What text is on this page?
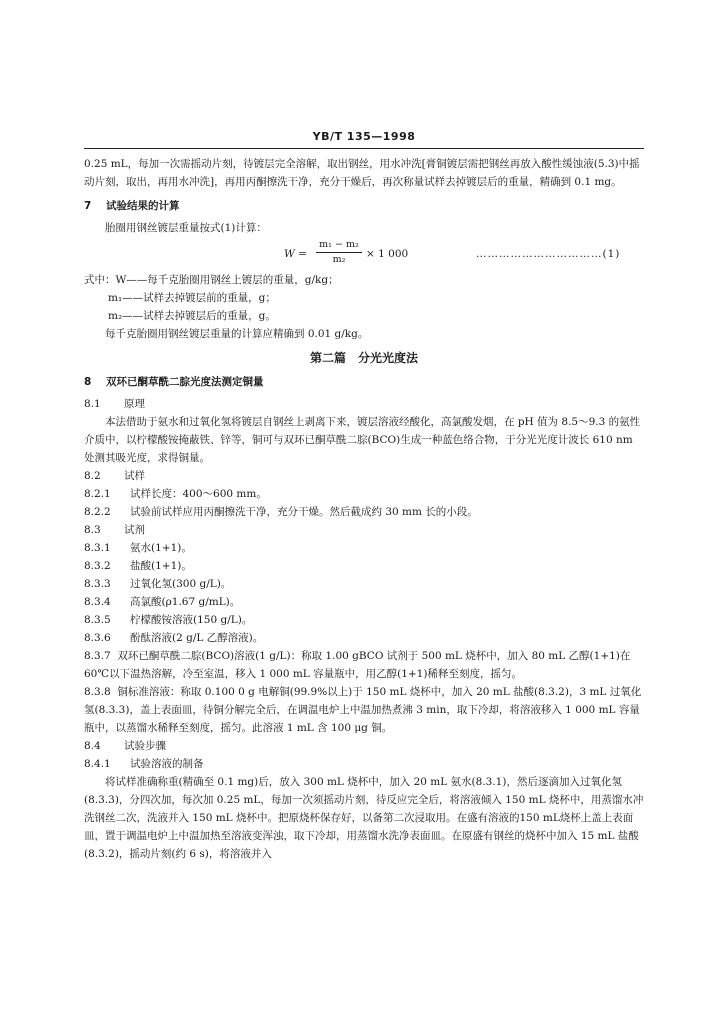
YB/T 135—1998

0.25 mL，每加一次需摇动片刻，待镀层完全溶解，取出钢丝，用水冲洗[膏铜镀层需把钢丝再放入酸性缓蚀液(5.3)中摇动片刻，取出，再用水冲洗]，再用丙酮擦洗干净，充分干燥后，再次称量试样去掉镀层后的重量，精确到 0.1 mg。

7 试验结果的计算

胎圈用钢丝镀层重量按式(1)计算：

W =
m₁ − m₂
m₂	× 1 000	……………………………(1)

式中：W——每千克胎圈用钢丝上镀层的重量，g/kg；

m₁——试样去掉镀层前的重量，g；

m₂——试样去掉镀层后的重量，g。

每千克胎圈用钢丝镀层重量的计算应精确到 0.01 g/kg。

第二篇　分光光度法
8 双环已酮草酰二腙光度法测定铜量
8.1	原理

本法借助于氨水和过氧化氢将镀层自钢丝上剥离下来，镀层溶液经酸化，高氯酸发烟，在 pH 值为 8.5～9.3 的氨性介质中，以柠檬酸铵掩蔽铁、锌等，铜可与双环已酮草酰二腙(BCO)生成一种蓝色络合物，于分光光度计波长 610 nm 处测其吸光度，求得铜量。

8.2	试样
8.2.1	试样长度：400～600 mm。
8.2.2	试验前试样应用丙酮擦洗干净，充分干燥。然后截成约 30 mm 长的小段。
8.3	试剂
8.3.1	氨水(1+1)。
8.3.2	盐酸(1+1)。
8.3.3	过氧化氢(300 g/L)。
8.3.4	高氯酸(ρ1.67 g/mL)。
8.3.5	柠檬酸铵溶液(150 g/L)。
8.3.6	酚酞溶液(2 g/L 乙醇溶液)。

8.3.7 双环已酮草酰二腙(BCO)溶液(1 g/L)：称取 1.00 gBCO 试剂于 500 mL 烧杯中，加入 80 mL 乙醇(1+1)在 60℃以下温热溶解，冷至室温，移入 1 000 mL 容量瓶中，用乙醇(1+1)稀释至刻度，摇匀。

8.3.8 铜标准溶液：称取 0.100 0 g 电解铜(99.9%以上)于 150 mL 烧杯中，加入 20 mL 盐酸(8.3.2)，3 mL 过氧化氢(8.3.3)，盖上表面皿，待铜分解完全后，在调温电炉上中温加热煮沸 3 min，取下冷却，将溶液移入 1 000 mL 容量瓶中，以蒸馏水稀释至刻度，摇匀。此溶液 1 mL 含 100 μg 铜。

8.4	试验步骤
8.4.1	试验溶液的制备

将试样准确称重(精确至 0.1 mg)后，放入 300 mL 烧杯中，加入 20 mL 氨水(8.3.1)，然后逐滴加入过氧化氢(8.3.3)，分四次加，每次加 0.25 mL，每加一次须摇动片刻，待反应完全后，将溶液倾入 150 mL 烧杯中，用蒸馏水冲洗钢丝二次，洗液并入 150 mL 烧杯中。把原烧杯保存好，以备第二次浸取用。在盛有溶液的150 mL烧杯上盖上表面皿，置于调温电炉上中温加热至溶液变浑浊，取下冷却，用蒸馏水洗净表面皿。在原盛有钢丝的烧杯中加入 15 mL 盐酸(8.3.2)，摇动片刻(约 6 s)，将溶液并入
